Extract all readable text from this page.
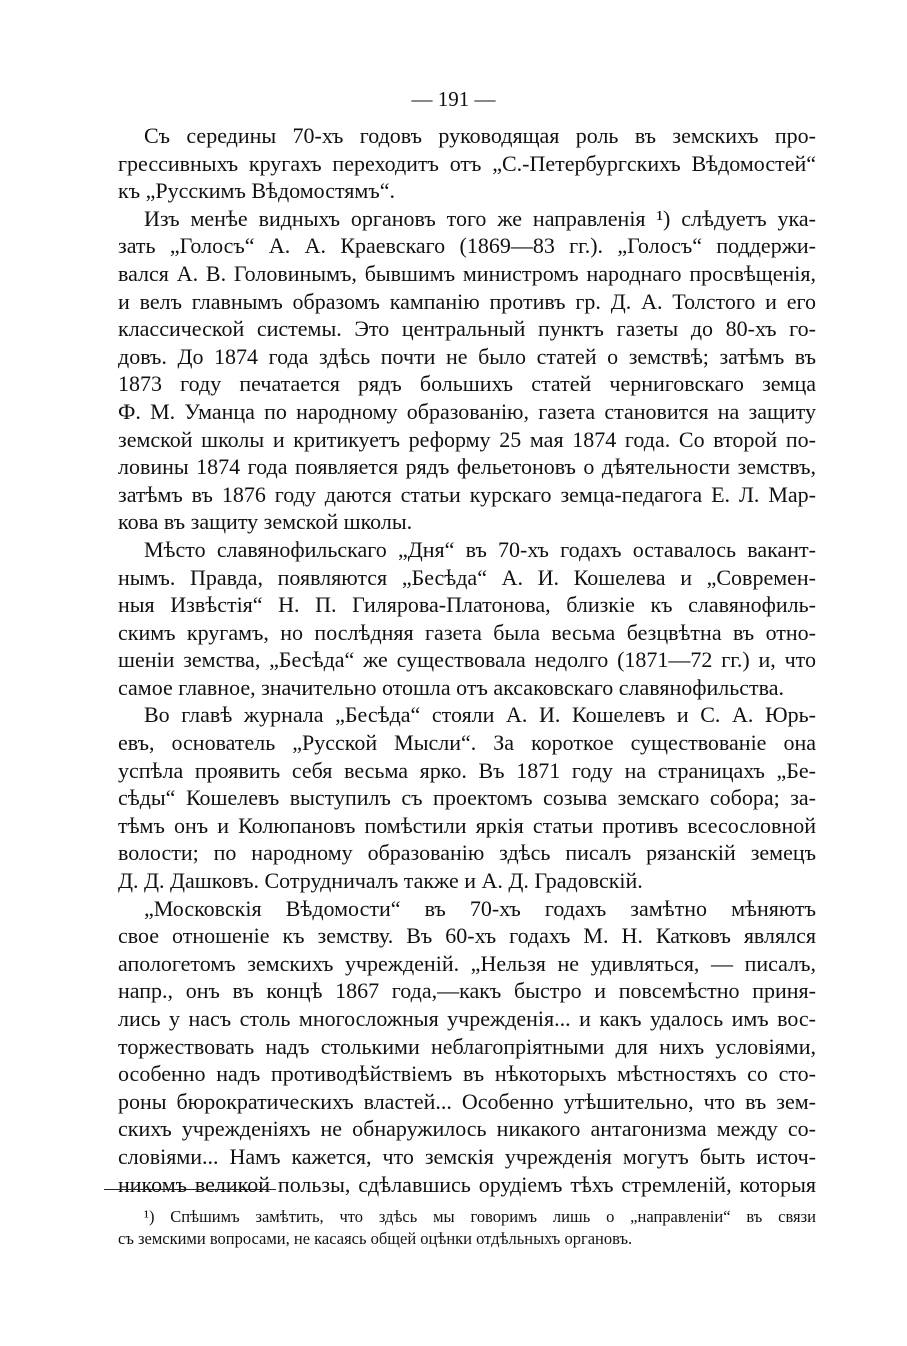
— 191 —
Съ середины 70-хъ годовъ руководящая роль въ земскихъ про-
грессивныхъ кругахъ переходитъ отъ „С.-Петербургскихъ Вѣдомостей“
къ „Русскимъ Вѣдомостямъ“.
Изъ менѣе видныхъ органовъ того же направленія ¹) слѣдуетъ ука-
зать „Голосъ“ А. А. Краевскаго (1869—83 гг.). „Голосъ“ поддержи-
вался А. В. Головинымъ, бывшимъ министромъ народнаго просвѣщенія,
и велъ главнымъ образомъ кампанію противъ гр. Д. А. Толстого и его
классической системы. Это центральный пунктъ газеты до 80-хъ го-
довъ. До 1874 года здѣсь почти не было статей о земствѣ; затѣмъ въ
1873 году печатается рядъ большихъ статей черниговскаго земца
Ф. М. Уманца по народному образованію, газета становится на защиту
земской школы и критикуетъ реформу 25 мая 1874 года. Со второй по-
ловины 1874 года появляется рядъ фельетоновъ о дѣятельности земствъ,
затѣмъ въ 1876 году даются статьи курскаго земца-педагога Е. Л. Мар-
кова въ защиту земской школы.
Мѣсто славянофильскаго „Дня“ въ 70-хъ годахъ оставалось вакант-
нымъ. Правда, появляются „Бесѣда“ А. И. Кошелева и „Современ-
ныя Извѣстія“ Н. П. Гилярова-Платонова, близкіе къ славянофиль-
скимъ кругамъ, но послѣдняя газета была весьма безцвѣтна въ отно-
шеніи земства, „Бесѣда“ же существовала недолго (1871—72 гг.) и, что
самое главное, значительно отошла отъ аксаковскаго славянофильства.
Во главѣ журнала „Бесѣда“ стояли А. И. Кошелевъ и С. А. Юрь-
евъ, основатель „Русской Мысли“. За короткое существованіе она
успѣла проявить себя весьма ярко. Въ 1871 году на страницахъ „Бе-
сѣды“ Кошелевъ выступилъ съ проектомъ созыва земскаго собора; за-
тѣмъ онъ и Колюпановъ помѣстили яркія статьи противъ всесословной
волости; по народному образованію здѣсь писалъ рязанскій земецъ
Д. Д. Дашковъ. Сотрудничалъ также и А. Д. Градовскій.
„Московскія Вѣдомости“ въ 70-хъ годахъ замѣтно мѣняютъ
свое отношеніе къ земству. Въ 60-хъ годахъ М. Н. Катковъ являлся
апологетомъ земскихъ учрежденій. „Нельзя не удивляться, — писалъ,
напр., онъ въ концѣ 1867 года,—какъ быстро и повсемѣстно приня-
лись у насъ столь многосложныя учрежденія... и какъ удалось имъ вос-
торжествовать надъ столькими неблагопріятными для нихъ условіями,
особенно надъ противодѣйствіемъ въ нѣкоторыхъ мѣстностяхъ со сто-
роны бюрократическихъ властей... Особенно утѣшительно, что въ зем-
скихъ учрежденіяхъ не обнаружилось никакого антагонизма между со-
словіями... Намъ кажется, что земскія учрежденія могутъ быть источ-
никомъ великой пользы, сдѣлавшись орудіемъ тѣхъ стремленій, которыя
¹) Спѣшимъ замѣтить, что здѣсь мы говоримъ лишь о „направленіи“ въ связи
съ земскими вопросами, не касаясь общей оцѣнки отдѣльныхъ органовъ.
